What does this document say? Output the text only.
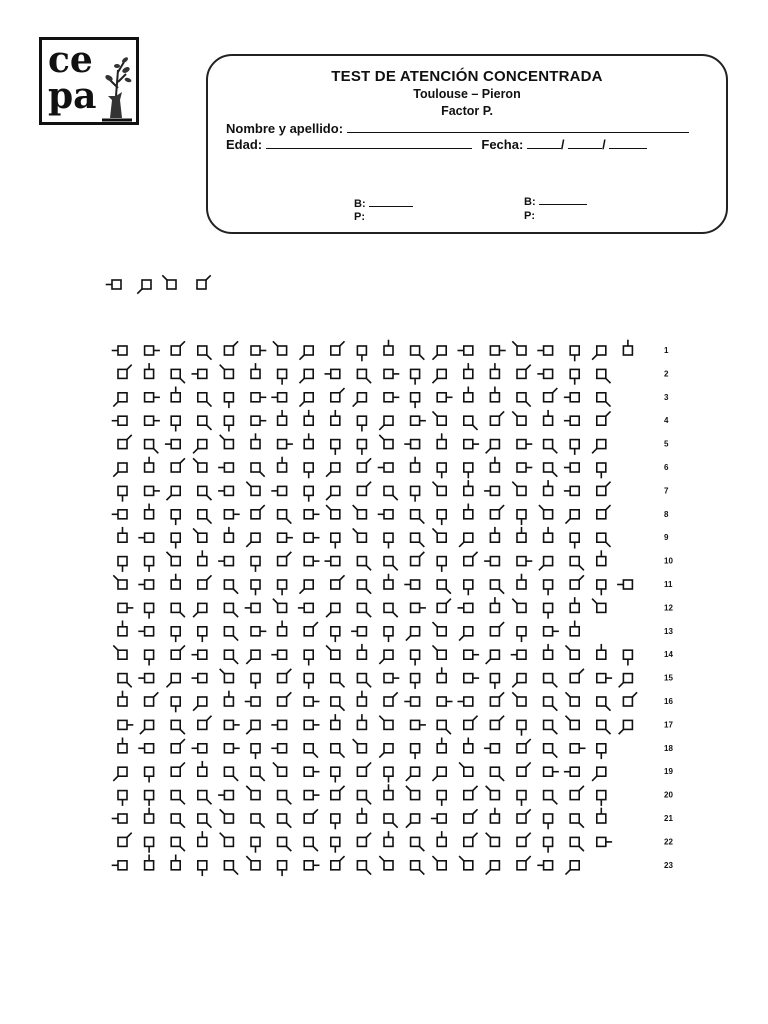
ce
pa	TEST DE ATENCIÓN CONCENTRADA
Toulouse – Pieron
Factor P.
Nombre y apellido:
Edad:	Fecha:	/	/
B:
P:
B:
P:
1
2
3
4
5
6
7
8
9
10
11
12
13
14
15
16
17
18
19
20
21
22
23
